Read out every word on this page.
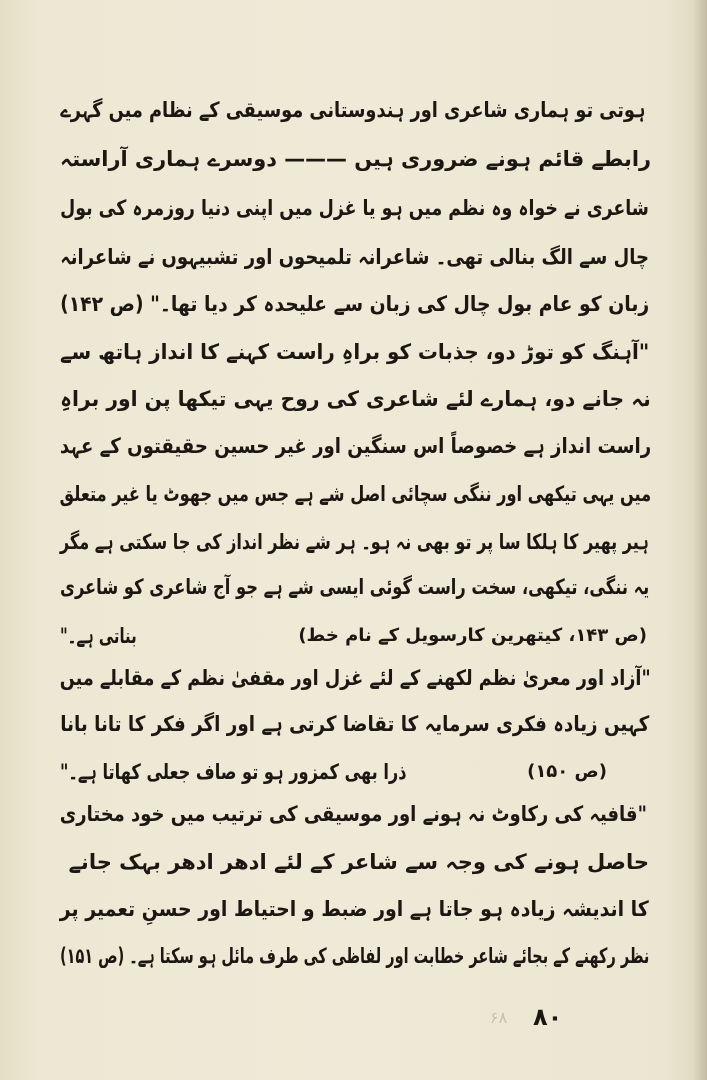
ہوتی تو ہماری شاعری اور ہندوستانی موسیقی کے نظام میں گہرے
رابطے قائم ہونے ضروری ہیں ——— دوسرے ہماری آراستہ
شاعری نے خواہ وہ نظم میں ہو یا غزل میں اپنی دنیا روزمرہ کی بول
چال سے الگ بنالی تھی۔ شاعرانہ تلمیحوں اور تشبیہوں نے شاعرانہ
زبان کو عام بول چال کی زبان سے علیحدہ کر دیا تھا۔" (ص ۱۴۲)
"آہنگ کو توڑ دو، جذبات کو براہِ راست کہنے کا انداز ہاتھ سے
نہ جانے دو، ہمارے لئے شاعری کی روح یہی تیکھا پن اور براہِ
راست انداز ہے خصوصاً اس سنگین اور غیر حسین حقیقتوں کے عہد
میں یہی تیکھی اور ننگی سچائی اصل شے ہے جس میں جھوٹ یا غیر متعلق
ہیر پھیر کا ہلکا سا پر تو بھی نہ ہو۔ ہر شے نظر انداز کی جا سکتی ہے مگر
یہ ننگی، تیکھی، سخت راست گوئی ایسی شے ہے جو آج شاعری کو شاعری
بناتی ہے۔"	(ص ۱۴۳، کیتھرین کارسویل کے نام خط)
"آزاد اور معریٰ نظم لکھنے کے لئے غزل اور مقفیٰ نظم کے مقابلے میں
کہیں زیادہ فکری سرمایہ کا تقاضا کرتی ہے اور اگر فکر کا تانا بانا
ذرا بھی کمزور ہو تو صاف جعلی کھاتا ہے۔"	(ص ۱۵۰)
"قافیہ کی رکاوٹ نہ ہونے اور موسیقی کی ترتیب میں خود مختاری
حاصل ہونے کی وجہ سے شاعر کے لئے ادھر ادھر بہک جانے
کا اندیشہ زیادہ ہو جاتا ہے اور ضبط و احتیاط اور حسنِ تعمیر پر
نظر رکھنے کے بجائے شاعر خطابت اور لفاظی کی طرف مائل ہو سکتا ہے۔ (ص ۱۵۱)
۶۸ ۸۰
